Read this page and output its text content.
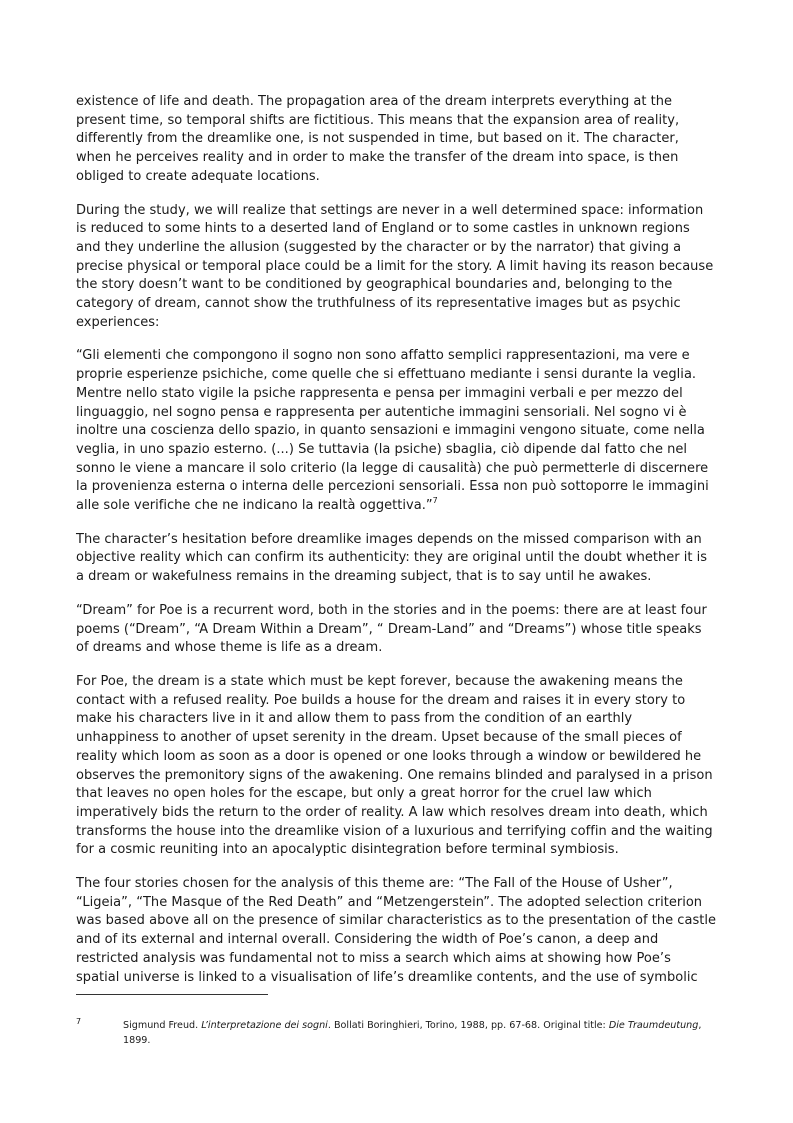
existence of life and death. The propagation area of the dream interprets everything at the present time, so temporal shifts are fictitious. This means that the expansion area of reality, differently from the dreamlike one, is not suspended in time, but based on it. The character, when he perceives reality and in order to make the transfer of the dream into space, is then obliged to create adequate locations.

During the study, we will realize that settings are never in a well determined space: information is reduced to some hints to a deserted land of England or to some castles in unknown regions and they underline the allusion (suggested by the character or by the narrator) that giving a precise physical or temporal place could be a limit for the story. A limit having its reason because the story doesn’t want to be conditioned by geographical boundaries and, belonging to the category of dream, cannot show the truthfulness of its representative images but as psychic experiences:

“Gli elementi che compongono il sogno non sono affatto semplici rappresentazioni, ma vere e proprie esperienze psichiche, come quelle che si effettuano mediante i sensi durante la veglia. Mentre nello stato vigile la psiche rappresenta e pensa per immagini verbali e per mezzo del linguaggio, nel sogno pensa e rappresenta per autentiche immagini sensoriali. Nel sogno vi è inoltre una coscienza dello spazio, in quanto sensazioni e immagini vengono situate, come nella veglia, in uno spazio esterno. (...) Se tuttavia (la psiche) sbaglia, ciò dipende dal fatto che nel sonno le viene a mancare il solo criterio (la legge di causalità) che può permetterle di discernere la provenienza esterna o interna delle percezioni sensoriali. Essa non può sottoporre le immagini alle sole verifiche che ne indicano la realtà oggettiva.”$^7$

The character’s hesitation before dreamlike images depends on the missed comparison with an objective reality which can confirm its authenticity: they are original until the doubt whether it is a dream or wakefulness remains in the dreaming subject, that is to say until he awakes.

“Dream” for Poe is a recurrent word, both in the stories and in the poems: there are at least four poems (“Dream”, “A Dream Within a Dream”, “ Dream-Land” and “Dreams”) whose title speaks of dreams and whose theme is life as a dream.

For Poe, the dream is a state which must be kept forever, because the awakening means the contact with a refused reality. Poe builds a house for the dream and raises it in every story to make his characters live in it and allow them to pass from the condition of an earthly unhappiness to another of upset serenity in the dream. Upset because of the small pieces of reality which loom as soon as a door is opened or one looks through a window or bewildered he observes the premonitory signs of the awakening. One remains blinded and paralysed in a prison that leaves no open holes for the escape, but only a great horror for the cruel law which imperatively bids the return to the order of reality. A law which resolves dream into death, which transforms the house into the dreamlike vision of a luxurious and terrifying coffin and the waiting for a cosmic reuniting into an apocalyptic disintegration before terminal symbiosis.

The four stories chosen for the analysis of this theme are: “The Fall of the House of Usher”, “Ligeia”, “The Masque of the Red Death” and “Metzengerstein”. The adopted selection criterion was based above all on the presence of similar characteristics as to the presentation of the castle and of its external and internal overall. Considering the width of Poe’s canon, a deep and restricted analysis was fundamental not to miss a search which aims at showing how Poe’s spatial universe is linked to a visualisation of life’s dreamlike contents, and the use of symbolic

7	Sigmund Freud. L’interpretazione dei sogni. Bollati Boringhieri, Torino, 1988, pp. 67-68. Original title: Die Traumdeutung, 1899.
